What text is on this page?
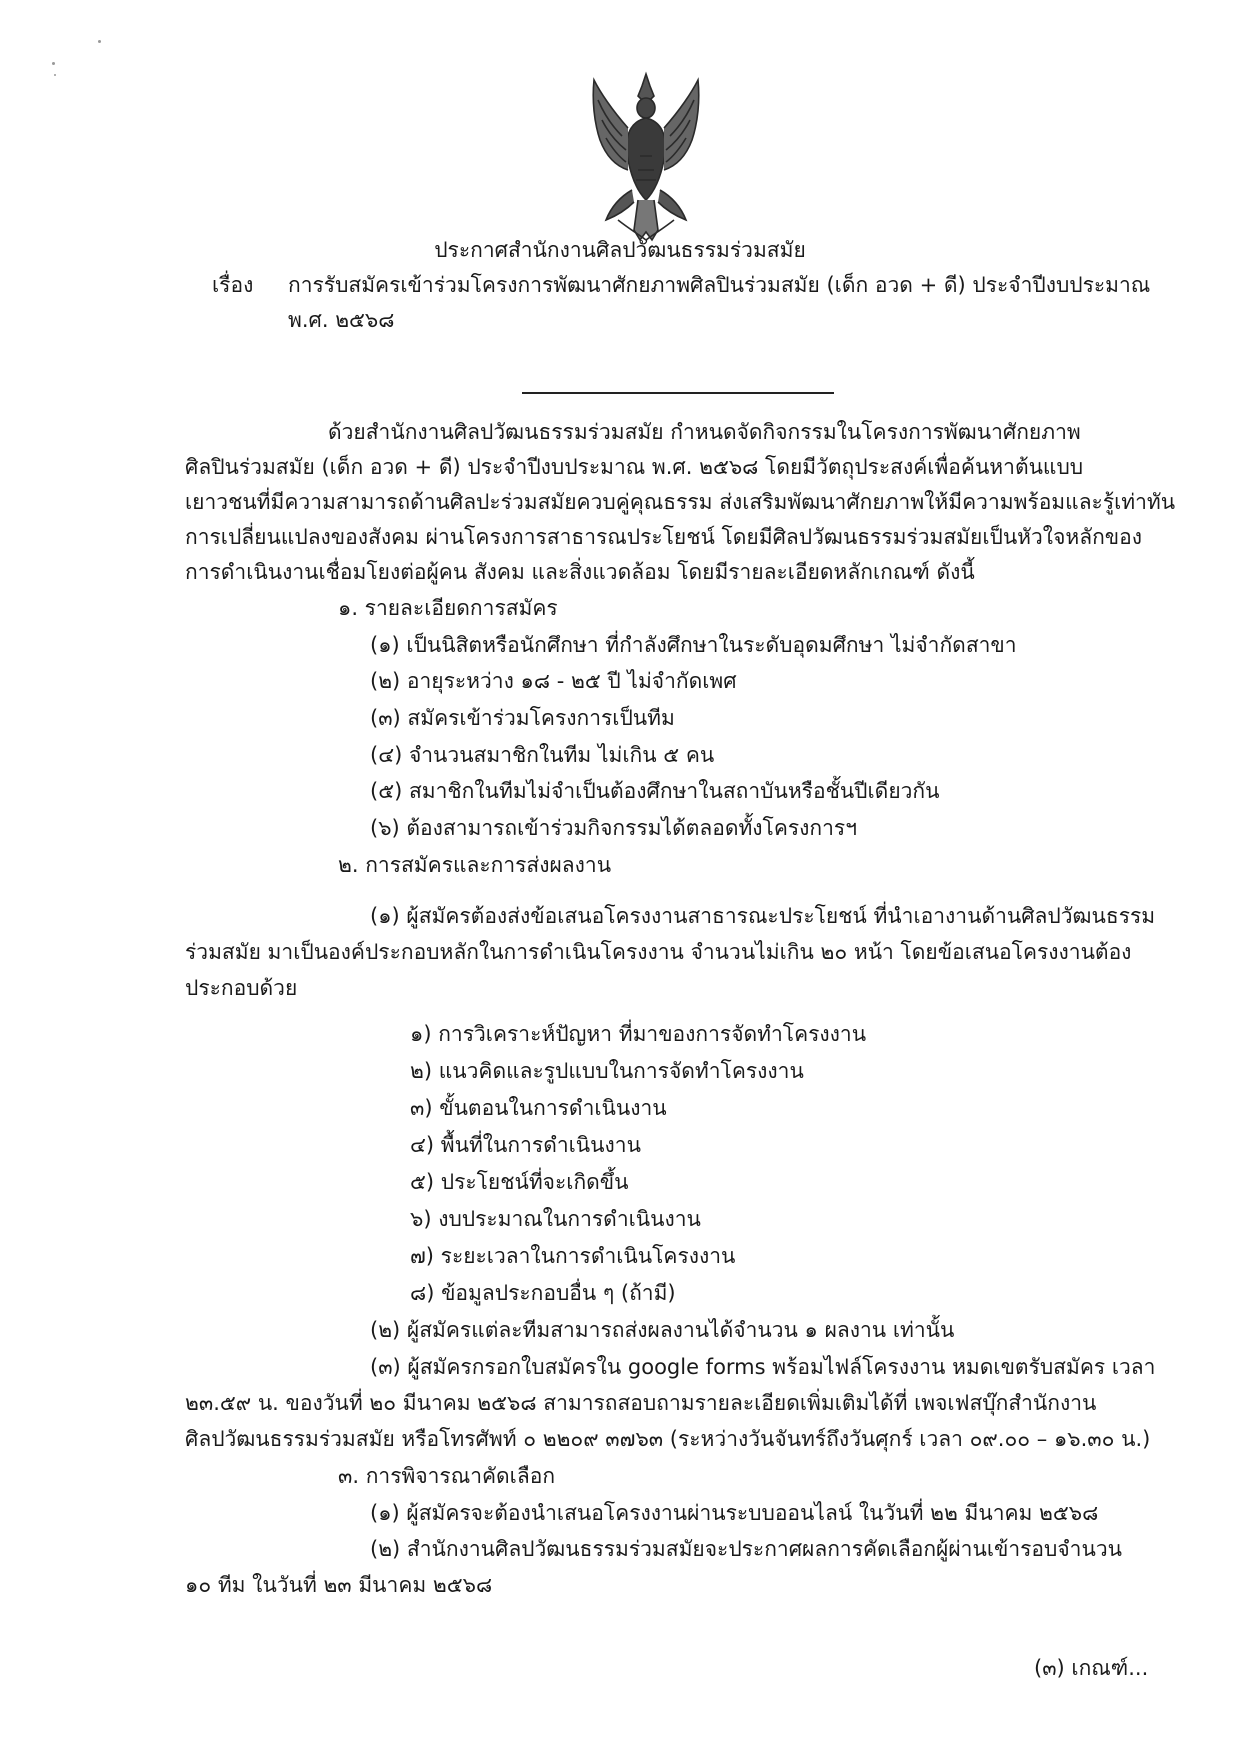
ประกาศสำนักงานศิลปวัฒนธรรมร่วมสมัย
เรื่อง การรับสมัครเข้าร่วมโครงการพัฒนาศักยภาพศิลปินร่วมสมัย (เด็ก อวด + ดี) ประจำปีงบประมาณ
พ.ศ. ๒๕๖๘
ด้วยสำนักงานศิลปวัฒนธรรมร่วมสมัย กำหนดจัดกิจกรรมในโครงการพัฒนาศักยภาพ
ศิลปินร่วมสมัย (เด็ก อวด + ดี) ประจำปีงบประมาณ พ.ศ. ๒๕๖๘ โดยมีวัตถุประสงค์เพื่อค้นหาต้นแบบ
เยาวชนที่มีความสามารถด้านศิลปะร่วมสมัยควบคู่คุณธรรม ส่งเสริมพัฒนาศักยภาพให้มีความพร้อมและรู้เท่าทัน
การเปลี่ยนแปลงของสังคม ผ่านโครงการสาธารณประโยชน์ โดยมีศิลปวัฒนธรรมร่วมสมัยเป็นหัวใจหลักของ
การดำเนินงานเชื่อมโยงต่อผู้คน สังคม และสิ่งแวดล้อม โดยมีรายละเอียดหลักเกณฑ์ ดังนี้
๑. รายละเอียดการสมัคร
(๑) เป็นนิสิตหรือนักศึกษา ที่กำลังศึกษาในระดับอุดมศึกษา ไม่จำกัดสาขา
(๒) อายุระหว่าง ๑๘ - ๒๕ ปี ไม่จำกัดเพศ
(๓) สมัครเข้าร่วมโครงการเป็นทีม
(๔) จำนวนสมาชิกในทีม ไม่เกิน ๕ คน
(๕) สมาชิกในทีมไม่จำเป็นต้องศึกษาในสถาบันหรือชั้นปีเดียวกัน
(๖) ต้องสามารถเข้าร่วมกิจกรรมได้ตลอดทั้งโครงการฯ
๒. การสมัครและการส่งผลงาน
(๑) ผู้สมัครต้องส่งข้อเสนอโครงงานสาธารณะประโยชน์ ที่นำเอางานด้านศิลปวัฒนธรรม
ร่วมสมัย มาเป็นองค์ประกอบหลักในการดำเนินโครงงาน จำนวนไม่เกิน ๒๐ หน้า โดยข้อเสนอโครงงานต้อง
ประกอบด้วย
๑) การวิเคราะห์ปัญหา ที่มาของการจัดทำโครงงาน
๒) แนวคิดและรูปแบบในการจัดทำโครงงาน
๓) ขั้นตอนในการดำเนินงาน
๔) พื้นที่ในการดำเนินงาน
๕) ประโยชน์ที่จะเกิดขึ้น
๖) งบประมาณในการดำเนินงาน
๗) ระยะเวลาในการดำเนินโครงงาน
๘) ข้อมูลประกอบอื่น ๆ (ถ้ามี)
(๒) ผู้สมัครแต่ละทีมสามารถส่งผลงานได้จำนวน ๑ ผลงาน เท่านั้น
(๓) ผู้สมัครกรอกใบสมัครใน google forms พร้อมไฟล์โครงงาน หมดเขตรับสมัคร เวลา
๒๓.๕๙ น. ของวันที่ ๒๐ มีนาคม ๒๕๖๘ สามารถสอบถามรายละเอียดเพิ่มเติมได้ที่ เพจเฟสบุ๊กสำนักงาน
ศิลปวัฒนธรรมร่วมสมัย หรือโทรศัพท์ ๐ ๒๒๐๙ ๓๗๖๓ (ระหว่างวันจันทร์ถึงวันศุกร์ เวลา ๐๙.๐๐ – ๑๖.๓๐ น.)
๓. การพิจารณาคัดเลือก
(๑) ผู้สมัครจะต้องนำเสนอโครงงานผ่านระบบออนไลน์ ในวันที่ ๒๒ มีนาคม ๒๕๖๘
(๒) สำนักงานศิลปวัฒนธรรมร่วมสมัยจะประกาศผลการคัดเลือกผู้ผ่านเข้ารอบจำนวน
๑๐ ทีม ในวันที่ ๒๓ มีนาคม ๒๕๖๘
(๓) เกณฑ์...
